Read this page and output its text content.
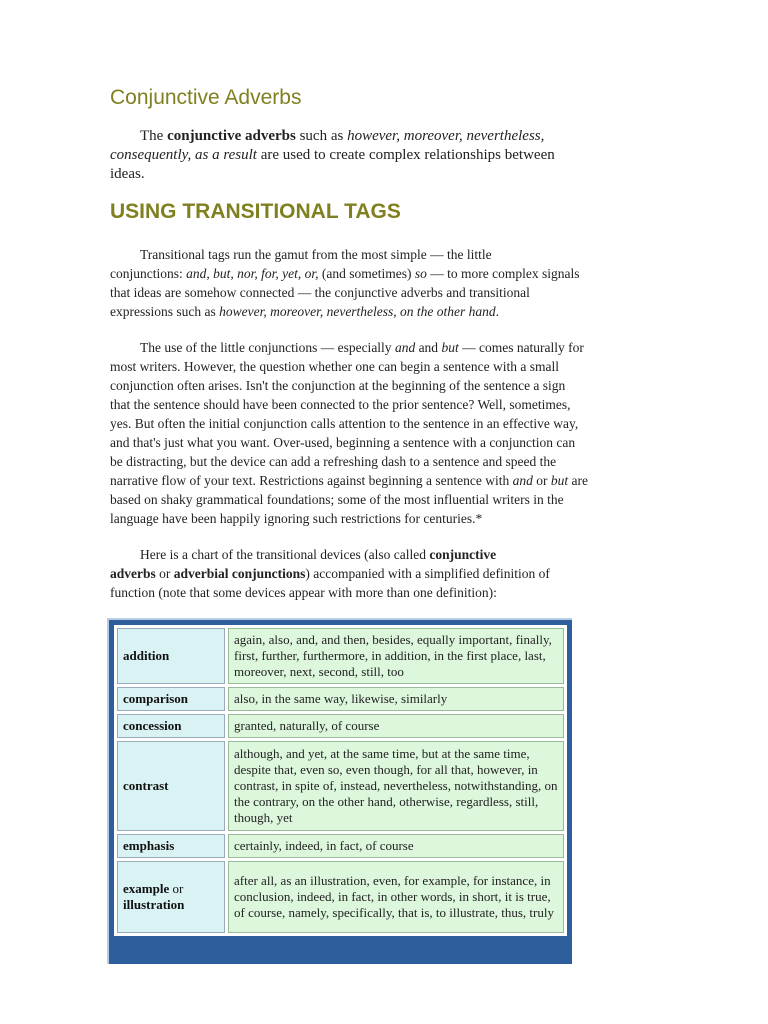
Conjunctive Adverbs
The conjunctive adverbs such as however, moreover, nevertheless,
consequently, as a result are used to create complex relationships between
ideas.
USING TRANSITIONAL TAGS
Transitional tags run the gamut from the most simple — the little
conjunctions: and, but, nor, for, yet, or, (and sometimes) so — to more complex signals
that ideas are somehow connected — the conjunctive adverbs and transitional
expressions such as however, moreover, nevertheless, on the other hand.
The use of the little conjunctions — especially and and but — comes naturally for
most writers. However, the question whether one can begin a sentence with a small
conjunction often arises. Isn't the conjunction at the beginning of the sentence a sign
that the sentence should have been connected to the prior sentence? Well, sometimes,
yes. But often the initial conjunction calls attention to the sentence in an effective way,
and that's just what you want. Over-used, beginning a sentence with a conjunction can
be distracting, but the device can add a refreshing dash to a sentence and speed the
narrative flow of your text. Restrictions against beginning a sentence with and or but are
based on shaky grammatical foundations; some of the most influential writers in the
language have been happily ignoring such restrictions for centuries.*
Here is a chart of the transitional devices (also called conjunctive
adverbs or adverbial conjunctions) accompanied with a simplified definition of
function (note that some devices appear with more than one definition):
addition	again, also, and, and then, besides, equally important, finally, first, further, furthermore, in addition, in the first place, last, moreover, next, second, still, too
comparison	also, in the same way, likewise, similarly
concession	granted, naturally, of course
contrast	although, and yet, at the same time, but at the same time, despite that, even so, even though, for all that, however, in contrast, in spite of, instead, nevertheless, notwithstanding, on the contrary, on the other hand, otherwise, regardless, still, though, yet
emphasis	certainly, indeed, in fact, of course
example or
illustration	after all, as an illustration, even, for example, for instance, in conclusion, indeed, in fact, in other words, in short, it is true, of course, namely, specifically, that is, to illustrate, thus, truly
